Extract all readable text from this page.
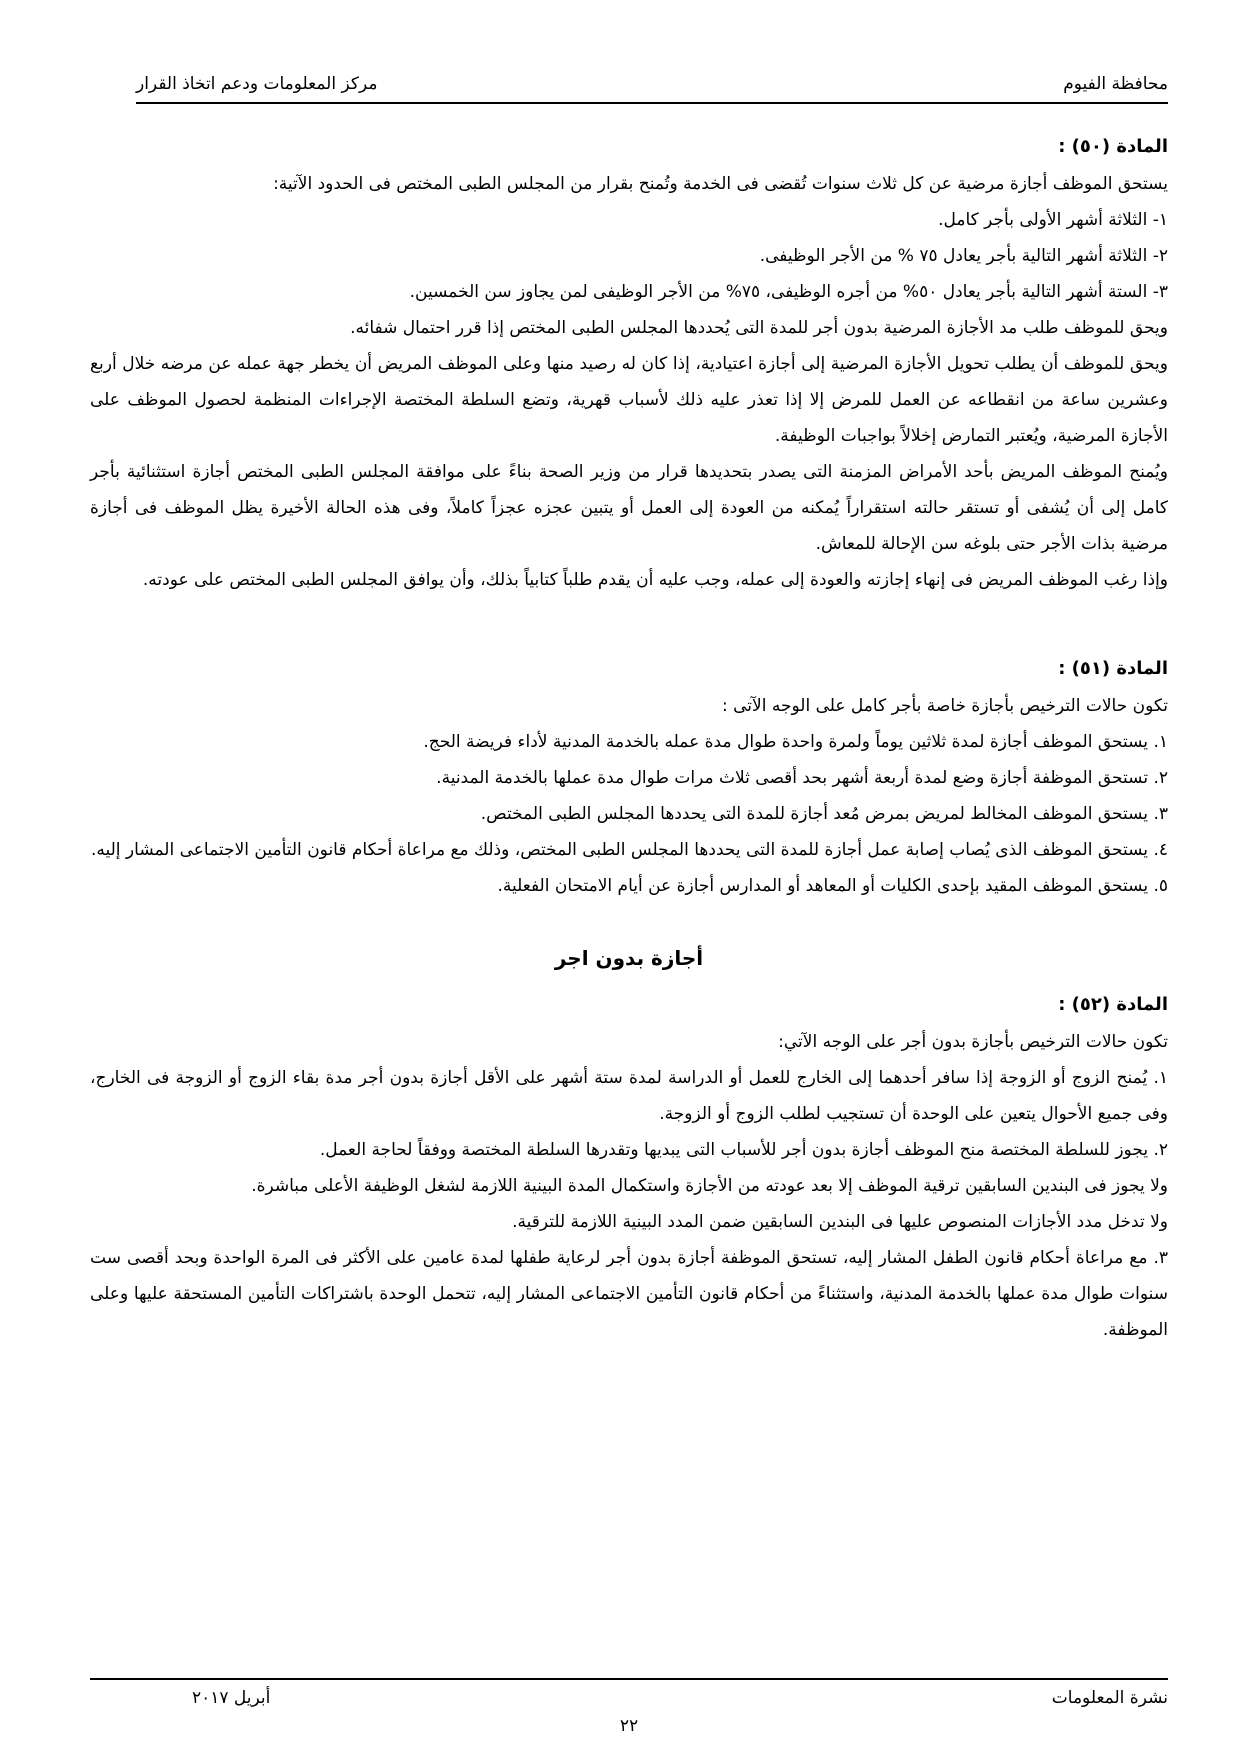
محافظة الفيوم
مركز المعلومات ودعم اتخاذ القرار
المادة (٥٠) :

يستحق الموظف أجازة مرضية عن كل ثلاث سنوات تُقضى فى الخدمة وتُمنح بقرار من المجلس الطبى المختص فى الحدود الآتية:

١- الثلاثة أشهر الأولى بأجر كامل.

٢- الثلاثة أشهر التالية بأجر يعادل ٧٥ % من الأجر الوظيفى.

٣- الستة أشهر التالية بأجر يعادل ٥٠% من أجره الوظيفى، ٧٥% من الأجر الوظيفى لمن يجاوز سن الخمسين.

ويحق للموظف طلب مد الأجازة المرضية بدون أجر للمدة التى يُحددها المجلس الطبى المختص إذا قرر احتمال شفائه.

ويحق للموظف أن يطلب تحويل الأجازة المرضية إلى أجازة اعتيادية، إذا كان له رصيد منها وعلى الموظف المريض أن يخطر جهة عمله عن مرضه خلال أربع وعشرين ساعة من انقطاعه عن العمل للمرض إلا إذا تعذر عليه ذلك لأسباب قهرية، وتضع السلطة المختصة الإجراءات المنظمة لحصول الموظف على الأجازة المرضية، ويُعتبر التمارض إخلالاً بواجبات الوظيفة.

ويُمنح الموظف المريض بأحد الأمراض المزمنة التى يصدر بتحديدها قرار من وزير الصحة بناءً على موافقة المجلس الطبى المختص أجازة استثنائية بأجر كامل إلى أن يُشفى أو تستقر حالته استقراراً يُمكنه من العودة إلى العمل أو يتبين عجزه عجزاً كاملاً، وفى هذه الحالة الأخيرة يظل الموظف فى أجازة مرضية بذات الأجر حتى بلوغه سن الإحالة للمعاش.

وإذا رغب الموظف المريض فى إنهاء إجازته والعودة إلى عمله، وجب عليه أن يقدم طلباً كتابياً بذلك، وأن يوافق المجلس الطبى المختص على عودته.

المادة (٥١) :

تكون حالات الترخيص بأجازة خاصة بأجر كامل على الوجه الآتى :

١. يستحق الموظف أجازة لمدة ثلاثين يوماً ولمرة واحدة طوال مدة عمله بالخدمة المدنية لأداء فريضة الحج.

٢. تستحق الموظفة أجازة وضع لمدة أربعة أشهر بحد أقصى ثلاث مرات طوال مدة عملها بالخدمة المدنية.

٣. يستحق الموظف المخالط لمريض بمرض مُعد أجازة للمدة التى يحددها المجلس الطبى المختص.

٤. يستحق الموظف الذى يُصاب إصابة عمل أجازة للمدة التى يحددها المجلس الطبى المختص، وذلك مع مراعاة أحكام قانون التأمين الاجتماعى المشار إليه.

٥. يستحق الموظف المقيد بإحدى الكليات أو المعاهد أو المدارس أجازة عن أيام الامتحان الفعلية.

أجازة بدون اجر
المادة (٥٢) :

تكون حالات الترخيص بأجازة بدون أجر على الوجه الآتي:

١. يُمنح الزوج أو الزوجة إذا سافر أحدهما إلى الخارج للعمل أو الدراسة لمدة ستة أشهر على الأقل أجازة بدون أجر مدة بقاء الزوج أو الزوجة فى الخارج، وفى جميع الأحوال يتعين على الوحدة أن تستجيب لطلب الزوج أو الزوجة.

٢. يجوز للسلطة المختصة منح الموظف أجازة بدون أجر للأسباب التى يبديها وتقدرها السلطة المختصة ووفقاً لحاجة العمل.

ولا يجوز فى البندين السابقين ترقية الموظف إلا بعد عودته من الأجازة واستكمال المدة البينية اللازمة لشغل الوظيفة الأعلى مباشرة.

ولا تدخل مدد الأجازات المنصوص عليها فى البندين السابقين ضمن المدد البينية اللازمة للترقية.

٣. مع مراعاة أحكام قانون الطفل المشار إليه، تستحق الموظفة أجازة بدون أجر لرعاية طفلها لمدة عامين على الأكثر فى المرة الواحدة وبحد أقصى ست سنوات طوال مدة عملها بالخدمة المدنية، واستثناءً من أحكام قانون التأمين الاجتماعى المشار إليه، تتحمل الوحدة باشتراكات التأمين المستحقة عليها وعلى الموظفة.

نشرة المعلومات
أبريل ٢٠١٧
٢٢
